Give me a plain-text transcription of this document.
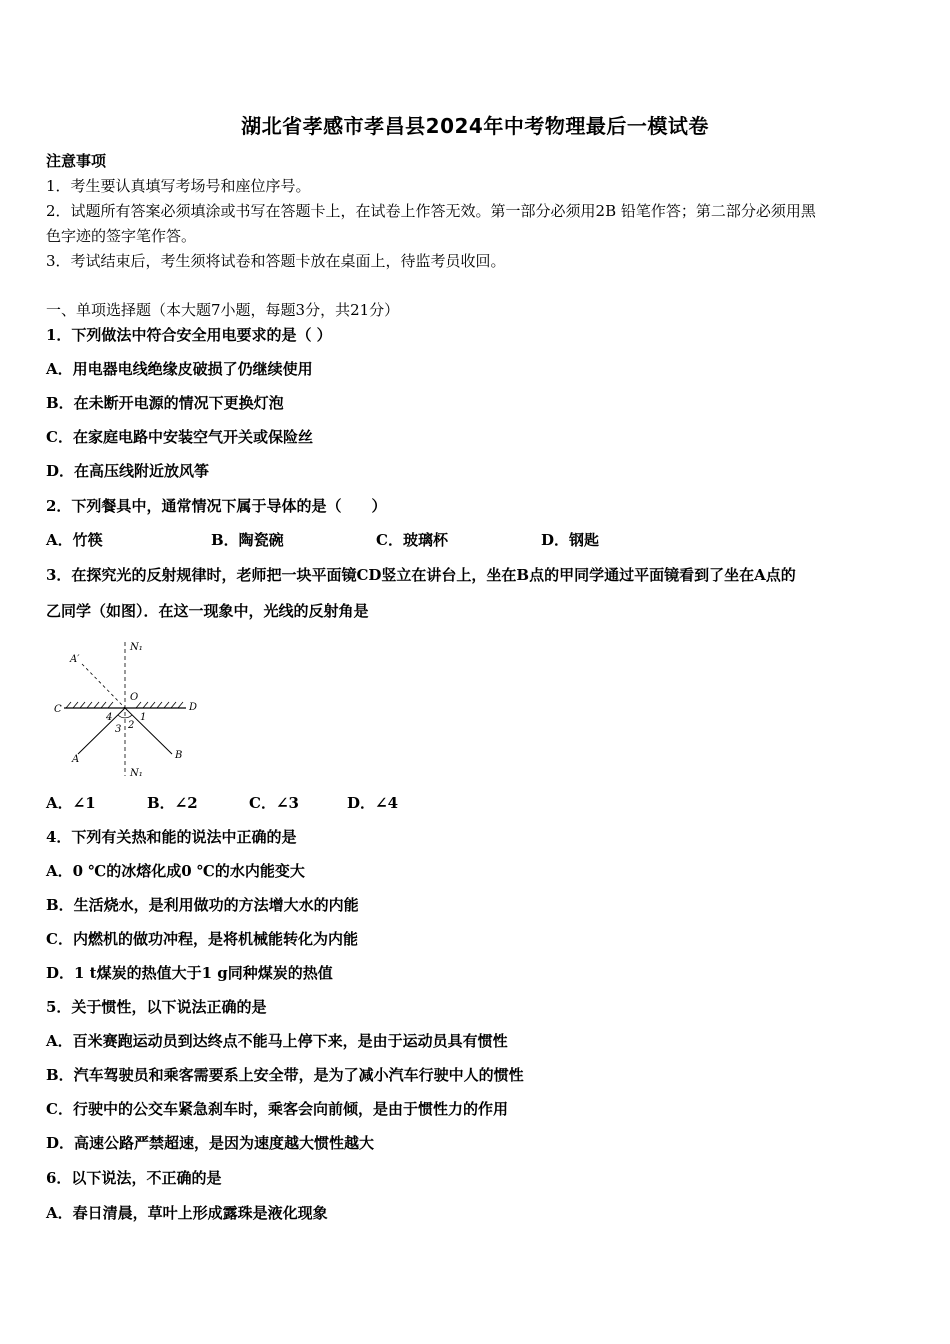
湖北省孝感市孝昌县2024年中考物理最后一模试卷
注意事项
1．考生要认真填写考场号和座位序号。
2．试题所有答案必须填涂或书写在答题卡上，在试卷上作答无效。第一部分必须用2B 铅笔作答；第二部分必须用黑
色字迹的签字笔作答。
3．考试结束后，考生须将试卷和答题卡放在桌面上，待监考员收回。
一、单项选择题（本大题7小题，每题3分，共21分）
1．下列做法中符合安全用电要求的是（ ）
A．用电器电线绝缘皮破损了仍继续使用
B．在未断开电源的情况下更换灯泡
C．在家庭电路中安装空气开关或保险丝
D．在高压线附近放风筝
2．下列餐具中，通常情况下属于导体的是（　　）
A．竹筷	B．陶瓷碗	C．玻璃杯	D．钢匙
3．在探究光的反射规律时，老师把一块平面镜CD竖立在讲台上，坐在B点的甲同学通过平面镜看到了坐在A点的
乙同学（如图）．在这一现象中，光线的反射角是
A′
N₁
O
C	D
4	1
2
3
A	B
N₁
A．∠1	B．∠2	C．∠3	D．∠4
4．下列有关热和能的说法中正确的是
A．0 ℃的冰熔化成0 ℃的水内能变大
B．生活烧水，是利用做功的方法增大水的内能
C．内燃机的做功冲程，是将机械能转化为内能
D．1 t煤炭的热值大于1 g同种煤炭的热值
5．关于惯性，以下说法正确的是
A．百米赛跑运动员到达终点不能马上停下来，是由于运动员具有惯性
B．汽车驾驶员和乘客需要系上安全带，是为了减小汽车行驶中人的惯性
C．行驶中的公交车紧急刹车时，乘客会向前倾，是由于惯性力的作用
D．高速公路严禁超速，是因为速度越大惯性越大
6．以下说法，不正确的是
A．春日清晨，草叶上形成露珠是液化现象
